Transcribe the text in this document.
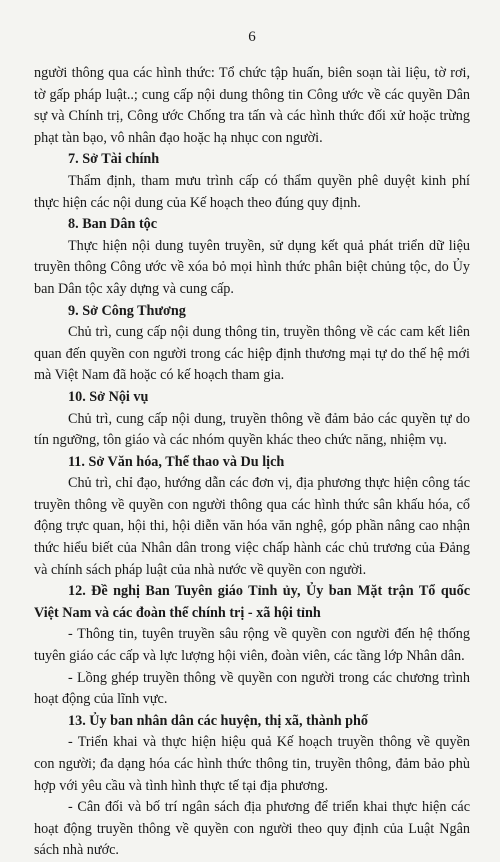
6

người thông qua các hình thức: Tổ chức tập huấn, biên soạn tài liệu, tờ rơi, tờ gấp pháp luật..; cung cấp nội dung thông tin Công ước về các quyền Dân sự và Chính trị, Công ước Chống tra tấn và các hình thức đối xử hoặc trừng phạt tàn bạo, vô nhân đạo hoặc hạ nhục con người.

7. Sở Tài chính

Thẩm định, tham mưu trình cấp có thẩm quyền phê duyệt kinh phí thực hiện các nội dung của Kế hoạch theo đúng quy định.

8. Ban Dân tộc

Thực hiện nội dung tuyên truyền, sử dụng kết quả phát triển dữ liệu truyền thông Công ước về xóa bỏ mọi hình thức phân biệt chủng tộc, do Ủy ban Dân tộc xây dựng và cung cấp.

9. Sở Công Thương

Chủ trì, cung cấp nội dung thông tin, truyền thông về các cam kết liên quan đến quyền con người trong các hiệp định thương mại tự do thế hệ mới mà Việt Nam đã hoặc có kế hoạch tham gia.

10. Sở Nội vụ

Chủ trì, cung cấp nội dung, truyền thông về đảm bảo các quyền tự do tín ngưỡng, tôn giáo và các nhóm quyền khác theo chức năng, nhiệm vụ.

11. Sở Văn hóa, Thể thao và Du lịch

Chủ trì, chỉ đạo, hướng dẫn các đơn vị, địa phương thực hiện công tác truyền thông về quyền con người thông qua các hình thức sân khấu hóa, cổ động trực quan, hội thi, hội diễn văn hóa văn nghệ, góp phần nâng cao nhận thức hiểu biết của Nhân dân trong việc chấp hành các chủ trương của Đảng và chính sách pháp luật của nhà nước về quyền con người.

12. Đề nghị Ban Tuyên giáo Tỉnh ủy, Ủy ban Mặt trận Tổ quốc Việt Nam và các đoàn thể chính trị - xã hội tỉnh

- Thông tin, tuyên truyền sâu rộng về quyền con người đến hệ thống tuyên giáo các cấp và lực lượng hội viên, đoàn viên, các tầng lớp Nhân dân.

- Lồng ghép truyền thông về quyền con người trong các chương trình hoạt động của lĩnh vực.

13. Ủy ban nhân dân các huyện, thị xã, thành phố

- Triển khai và thực hiện hiệu quả Kế hoạch truyền thông về quyền con người; đa dạng hóa các hình thức thông tin, truyền thông, đảm bảo phù hợp với yêu cầu và tình hình thực tế tại địa phương.

- Cân đối và bố trí ngân sách địa phương để triển khai thực hiện các hoạt động truyền thông về quyền con người theo quy định của Luật Ngân sách nhà nước.
